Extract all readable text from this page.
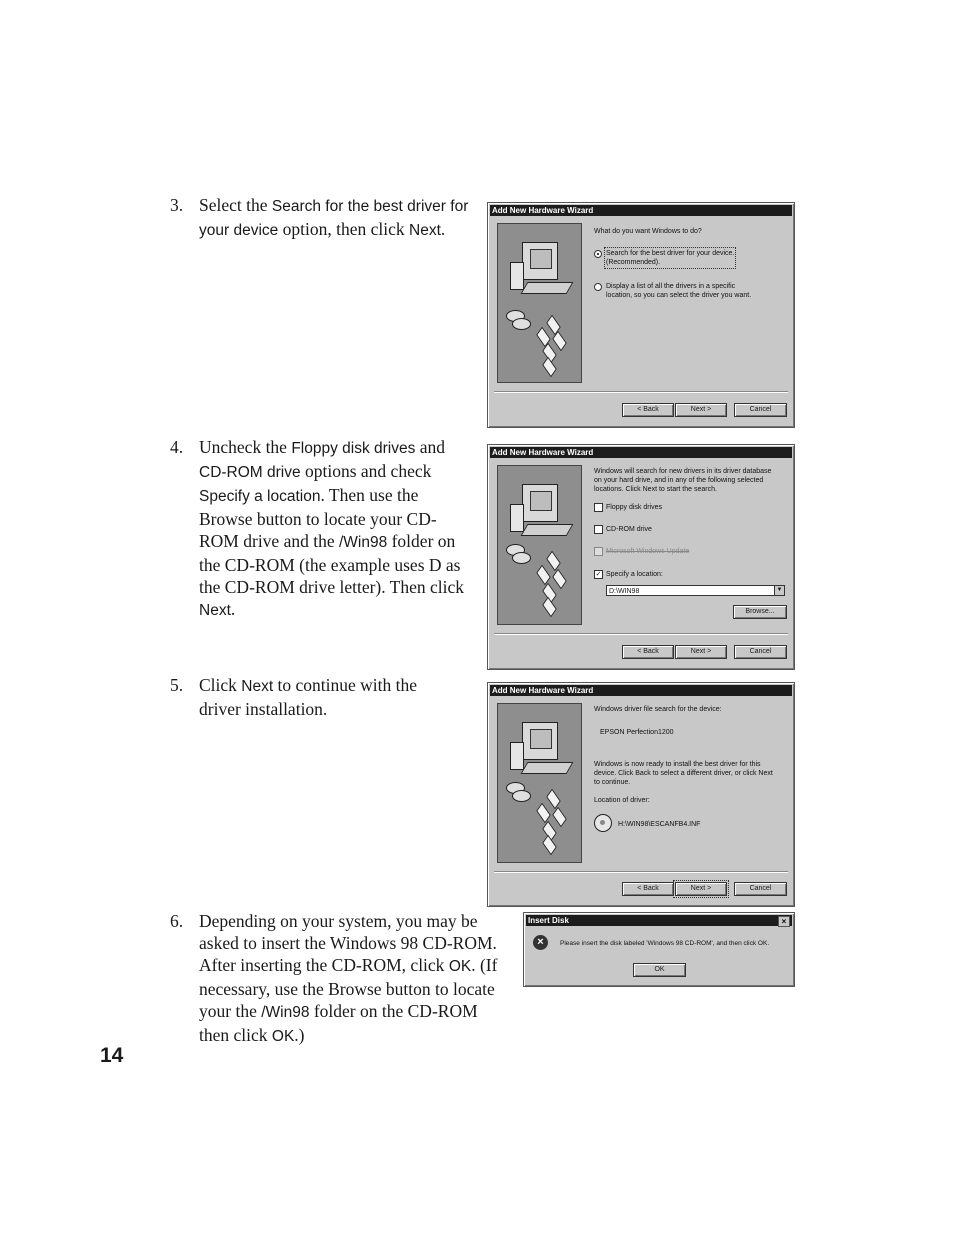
3. Select the Search for the best driver for your device option, then click Next.
4. Uncheck the Floppy disk drives and CD-ROM drive options and check Specify a location. Then use the Browse button to locate your CD-ROM drive and the /Win98 folder on the CD-ROM (the example uses D as the CD-ROM drive letter). Then click Next.
5. Click Next to continue with the driver installation.
6. Depending on your system, you may be asked to insert the Windows 98 CD-ROM. After inserting the CD-ROM, click OK. (If necessary, use the Browse button to locate your the /Win98 folder on the CD-ROM then click OK.)
14
Add New Hardware Wizard
What do you want Windows to do?
Search for the best driver for your device.
(Recommended).
Display a list of all the drivers in a specific
location, so you can select the driver you want.
< Back	Next >	Cancel
Add New Hardware Wizard
Windows will search for new drivers in its driver database
on your hard drive, and in any of the following selected
locations. Click Next to start the search.
Floppy disk drives
CD-ROM drive
Microsoft Windows Update
✓ Specify a location:
D:\WIN98	▼
Browse...
< Back	Next >	Cancel
Add New Hardware Wizard
Windows driver file search for the device:
EPSON Perfection1200
Windows is now ready to install the best driver for this
device. Click Back to select a different driver, or click Next
to continue.
Location of driver:
H:\WIN98\ESCANFB4.INF
< Back	Next >	Cancel
Insert Disk	×
×	Please insert the disk labeled 'Windows 98 CD-ROM', and then click OK.
OK
